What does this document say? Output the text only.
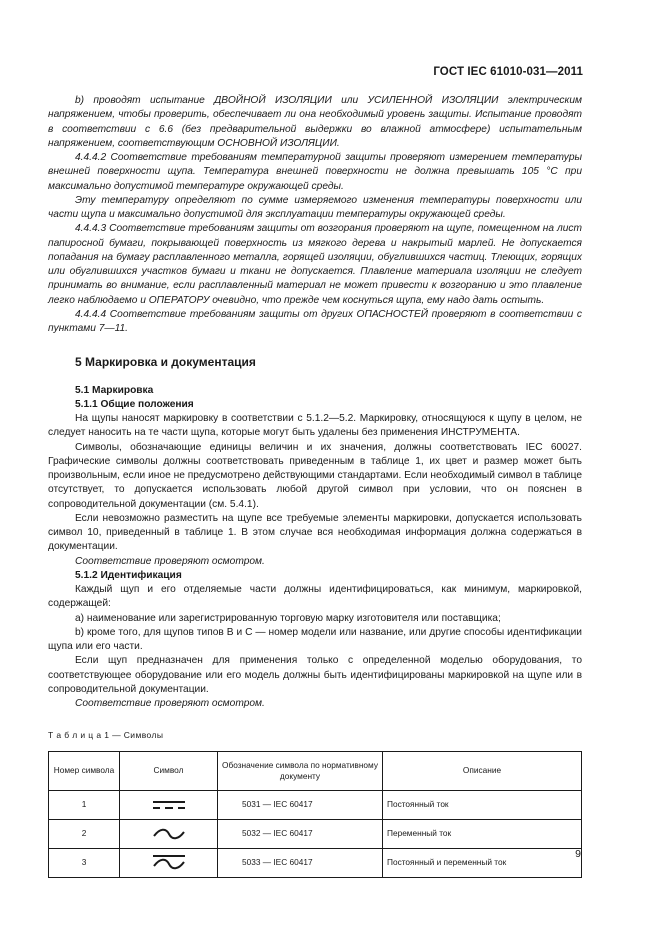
ГОСТ IEC 61010-031—2011

b) проводят испытание ДВОЙНОЙ ИЗОЛЯЦИИ или УСИЛЕННОЙ ИЗОЛЯЦИИ электрическим напряжением, чтобы проверить, обеспечивает ли она необходимый уровень защиты. Испытание проводят в соответствии с 6.6 (без предварительной выдержки во влажной атмосфере) испытательным напряжением, соответствующим ОСНОВНОЙ ИЗОЛЯЦИИ.

4.4.4.2 Соответствие требованиям температурной защиты проверяют измерением температуры внешней поверхности щупа. Температура внешней поверхности не должна превышать 105 °С при максимально допустимой температуре окружающей среды.

Эту температуру определяют по сумме измеряемого изменения температуры поверхности или части щупа и максимально допустимой для эксплуатации температуры окружающей среды.

4.4.4.3 Соответствие требованиям защиты от возгорания проверяют на щупе, помещенном на лист папиросной бумаги, покрывающей поверхность из мягкого дерева и накрытый марлей. Не допускается попадания на бумагу расплавленного металла, горящей изоляции, обуглившихся частиц. Тлеющих, горящих или обуглившихся участков бумаги и ткани не допускается. Плавление материала изоляции не следует принимать во внимание, если расплавленный материал не может привести к возгоранию и это плавление легко наблюдаемо и ОПЕРАТОРУ очевидно, что прежде чем коснуться щупа, ему надо дать остыть.

4.4.4.4 Соответствие требованиям защиты от других ОПАСНОСТЕЙ проверяют в соответствии с пунктами 7—11.

5 Маркировка и документация
5.1 Маркировка
5.1.1 Общие положения

На щупы наносят маркировку в соответствии с 5.1.2—5.2. Маркировку, относящуюся к щупу в целом, не следует наносить на те части щупа, которые могут быть удалены без применения ИНСТРУМЕНТА.

Символы, обозначающие единицы величин и их значения, должны соответствовать IEC 60027. Графические символы должны соответствовать приведенным в таблице 1, их цвет и размер может быть произвольным, если иное не предусмотрено действующими стандартами. Если необходимый символ в таблице отсутствует, то допускается использовать любой другой символ при условии, что он пояснен в сопроводительной документации (см. 5.4.1).

Если невозможно разместить на щупе все требуемые элементы маркировки, допускается использовать символ 10, приведенный в таблице 1. В этом случае вся необходимая информация должна содержаться в документации.

Соответствие проверяют осмотром.

5.1.2 Идентификация

Каждый щуп и его отделяемые части должны идентифицироваться, как минимум, маркировкой, содержащей:

а) наименование или зарегистрированную торговую марку изготовителя или поставщика;

b) кроме того, для щупов типов В и С — номер модели или название, или другие способы идентификации щупа или его части.

Если щуп предназначен для применения только с определенной моделью оборудования, то соответствующее оборудование или его модель должны быть идентифицированы маркировкой на щупе или в сопроводительной документации.

Соответствие проверяют осмотром.

Т а б л и ц а 1 — Символы
Номер символа	Символ	Обозначение символа по нормативному документу	Описание
1		5031 — IEC 60417	Постоянный ток
2		5032 — IEC 60417	Переменный ток
3		5033 — IEC 60417	Постоянный и переменный ток
9
